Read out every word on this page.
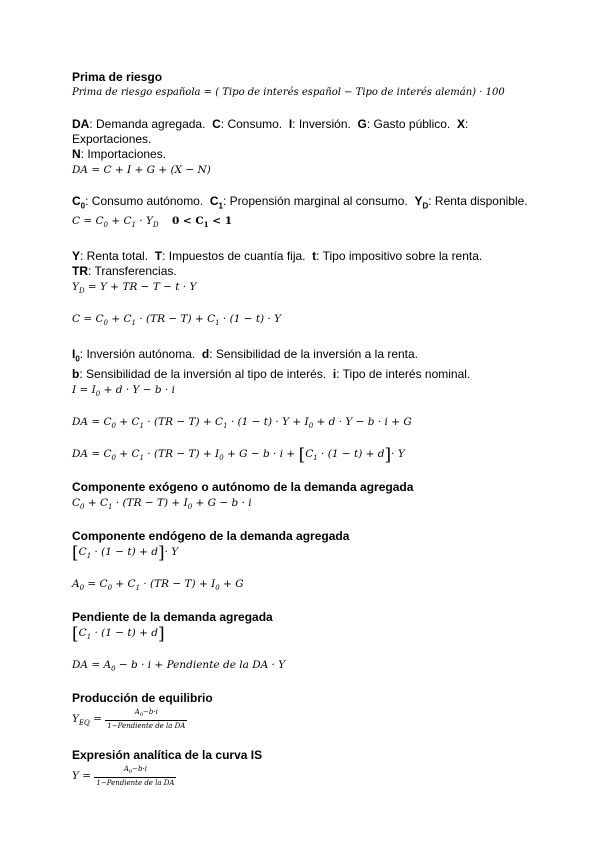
Prima de riesgo

Prima de riesgo española = ( Tipo de interés español − Tipo de interés alemán) · 100

DA: Demanda agregada. C: Consumo. I: Inversión. G: Gasto público. X: Exportaciones.

N: Importaciones.

DA = C + I + G + (X − N)

$C_0$: Consumo autónomo. $C_1$: Propensión marginal al consumo. $Y_D$: Renta disponible.

$C = C_0 + C_1 \cdot Y_D$ $0 < C_1 < 1$

Y: Renta total. T: Impuestos de cuantía fija. t: Tipo impositivo sobre la renta.

TR: Transferencias.

$Y_D = Y$ + TR − T − t · Y

$C = C_0 + C_1 \cdot (TR - T) + C_1 \cdot (1 - t) \cdot Y$

$I_0$: Inversión autónoma. d: Sensibilidad de la inversión a la renta.

b: Sensibilidad de la inversión al tipo de interés. i: Tipo de interés nominal.

$I = I_0 + d \cdot Y - b \cdot i$

DA = $C_0 + C_1 \cdot (TR - T) + C_1 \cdot (1 - t) \cdot Y + I_0 + d \cdot Y - b \cdot i + G$

DA = $C_0 + C_1 \cdot (TR - T) + I_0 + G - b \cdot i + [C_1 \cdot (1 - t) + d]\cdot Y$

Componente exógeno o autónomo de la demanda agregada

$C_0 + C_1 \cdot (TR - T) + I_0 + G - b \cdot i$

Componente endógeno de la demanda agregada

$[C_1 \cdot (1 - t) + d]\cdot Y$

$A_0 = C_0 + C_1 \cdot (TR - T) + I_0 + G$

Pendiente de la demanda agregada

$[C_1 \cdot (1 - t) + d]$

DA = $A_0 - b \cdot i$ + Pendiente de la DA · Y

Producción de equilibrio

$Y_{EQ} = \frac{A_0-b\cdot i}{\text{1−Pendiente de la DA}}$

Expresión analítica de la curva IS

$Y = \frac{A_0-b\cdot i}{\text{1−Pendiente de la DA}}$
